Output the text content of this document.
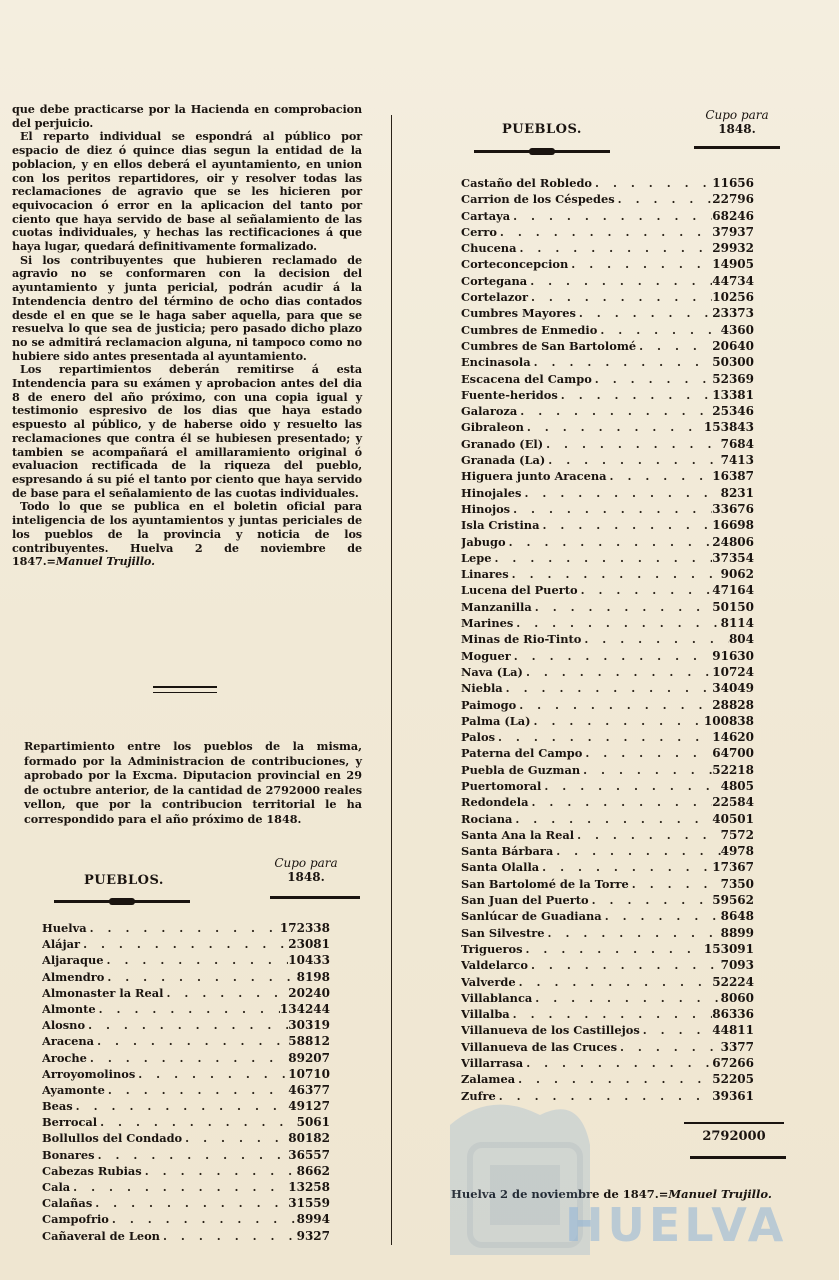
que debe practicarse por la Hacienda en comprobacion del perjuicio.

El reparto individual se espondrá al público por espacio de diez ó quince dias segun la entidad de la poblacion, y en ellos deberá el ayuntamiento, en union con los peritos repartidores, oir y resolver todas las reclamaciones de agravio que se les hicieren por equivocacion ó error en la aplicacion del tanto por ciento que haya servido de base al señalamiento de las cuotas individuales, y hechas las rectificaciones á que haya lugar, quedará definitivamente formalizado.

Si los contribuyentes que hubieren reclamado de agravio no se conformaren con la decision del ayuntamiento y junta pericial, podrán acudir á la Intendencia dentro del término de ocho dias contados desde el en que se le haga saber aquella, para que se resuelva lo que sea de justicia; pero pasado dicho plazo no se admitirá reclamacion alguna, ni tampoco como no hubiere sido antes presentada al ayuntamiento.

Los repartimientos deberán remitirse á esta Intendencia para su exámen y aprobacion antes del dia 8 de enero del año próximo, con una copia igual y testimonio espresivo de los dias que haya estado espuesto al público, y de haberse oido y resuelto las reclamaciones que contra él se hubiesen presentado; y tambien se acompañará el amillaramiento original ó evaluacion rectificada de la riqueza del pueblo, espresando á su pié el tanto por ciento que haya servido de base para el señalamiento de las cuotas individuales.

Todo lo que se publica en el boletin oficial para inteligencia de los ayuntamientos y juntas periciales de los pueblos de la provincia y noticia de los contribuyentes. Huelva 2 de noviembre de 1847.=Manuel Trujillo.

Repartimiento entre los pueblos de la misma, formado por la Administracion de contribuciones, y aprobado por la Excma. Diputacion provincial en 29 de octubre anterior, de la cantidad de 2792000 reales vellon, que por la contribucion territorial le ha correspondido para el año próximo de 1848.

PUEBLOS.
Cupo para
1848.
Huelva . . .	172338
Alájar . . .	23081
Aljaraque . . .	10433
Almendro . . .	8198
Almonaster la Real . . .	20240
Almonte . . .	134244
Alosno . . .	30319
Aracena . . .	58812
Aroche . . .	89207
Arroyomolinos . . .	10710
Ayamonte . . .	46377
Beas . . .	49127
Berrocal . . .	5061
Bollullos del Condado . . .	80182
Bonares . . .	36557
Cabezas Rubias . . .	8662
Cala . . .	13258
Calañas . . .	31559
Campofrio . . .	8994
Cañaveral de Leon . . .	9327
PUEBLOS.
Cupo para
1848.
Castaño del Robledo . . .	11656
Carrion de los Céspedes . . .	22796
Cartaya . . .	68246
Cerro . . .	37937
Chucena . . .	29932
Corteconcepcion . . .	14905
Cortegana . . .	44734
Cortelazor . . .	10256
Cumbres Mayores . . .	23373
Cumbres de Enmedio . . .	4360
Cumbres de San Bartolomé . . .	20640
Encinasola . . .	50300
Escacena del Campo . . .	52369
Fuente-heridos . . .	13381
Galaroza . . .	25346
Gibraleon . . .	153843
Granado (El) . . .	7684
Granada (La) . . .	7413
Higuera junto Aracena . . .	16387
Hinojales . . .	8231
Hinojos . . .	33676
Isla Cristina . . .	16698
Jabugo . . .	24806
Lepe . . .	37354
Linares . . .	9062
Lucena del Puerto . . .	47164
Manzanilla . . .	50150
Marines . . .	8114
Minas de Rio-Tinto . . .	804
Moguer . . .	91630
Nava (La) . . .	10724
Niebla . . .	34049
Paimogo . . .	28828
Palma (La) . . .	100838
Palos . . .	14620
Paterna del Campo . . .	64700
Puebla de Guzman . . .	52218
Puertomoral . . .	4805
Redondela . . .	22584
Rociana . . .	40501
Santa Ana la Real . . .	7572
Santa Bárbara . . .	4978
Santa Olalla . . .	17367
San Bartolomé de la Torre . . .	7350
San Juan del Puerto . . .	59562
Sanlúcar de Guadiana . . .	8648
San Silvestre . . .	8899
Trigueros . . .	153091
Valdelarco . . .	7093
Valverde . . .	52224
Villablanca . . .	8060
Villalba . . .	86336
Villanueva de los Castillejos . . .	44811
Villanueva de las Cruces . . .	3377
Villarrasa . . .	67266
Zalamea . . .	52205
Zufre . . .	39361
2792000
Huelva 2 de noviembre de 1847.=Manuel Trujillo.
HUELVA
